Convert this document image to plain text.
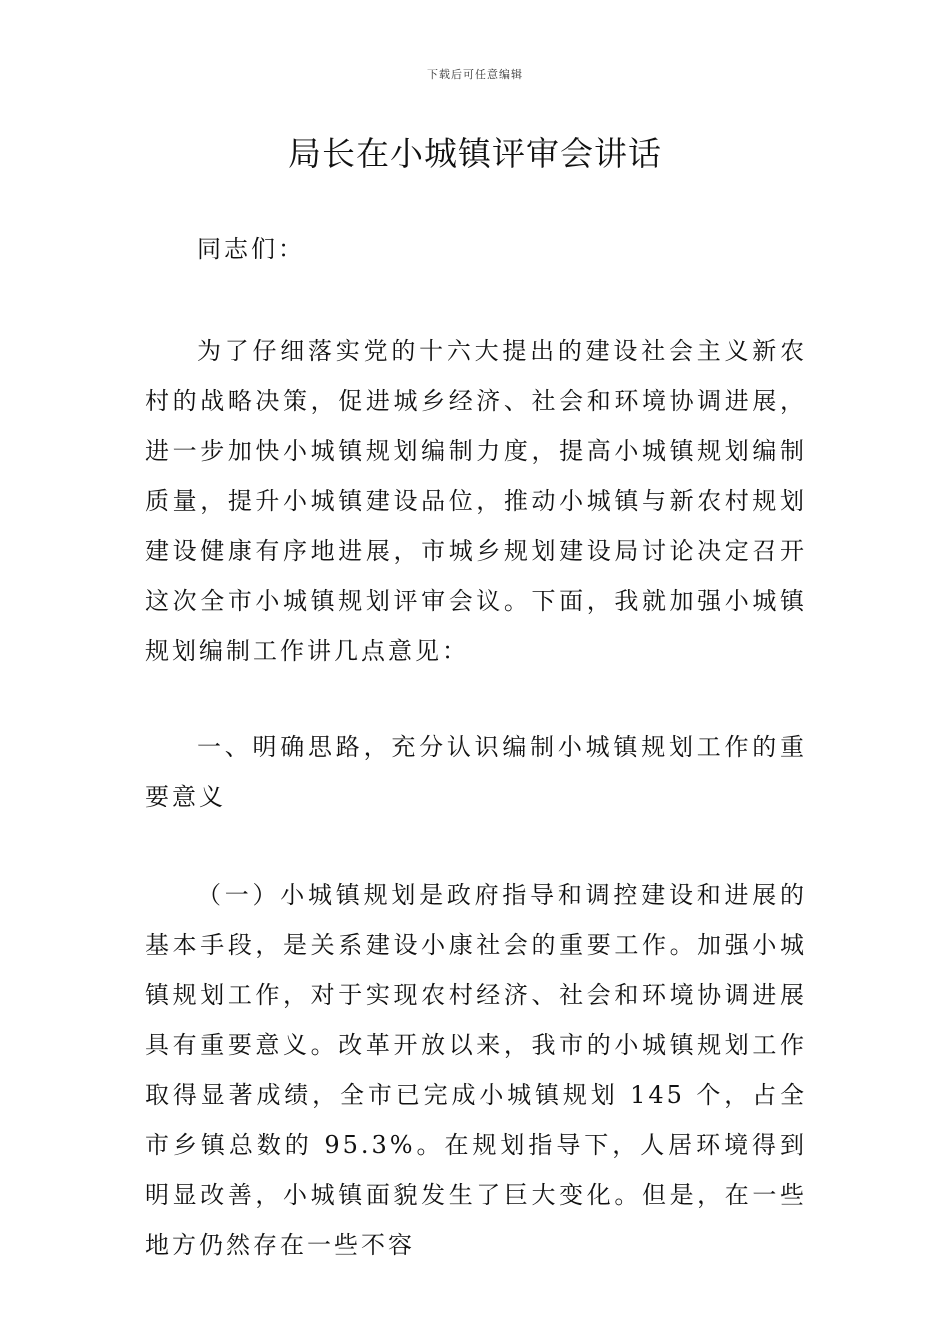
下载后可任意编辑
局长在小城镇评审会讲话

同志们：

为了仔细落实党的十六大提出的建设社会主义新农村的战略决策，促进城乡经济、社会和环境协调进展，进一步加快小城镇规划编制力度，提高小城镇规划编制质量，提升小城镇建设品位，推动小城镇与新农村规划建设健康有序地进展，市城乡规划建设局讨论决定召开这次全市小城镇规划评审会议。下面，我就加强小城镇规划编制工作讲几点意见：

一、明确思路，充分认识编制小城镇规划工作的重要意义

（一）小城镇规划是政府指导和调控建设和进展的基本手段，是关系建设小康社会的重要工作。加强小城镇规划工作，对于实现农村经济、社会和环境协调进展具有重要意义。改革开放以来，我市的小城镇规划工作取得显著成绩，全市已完成小城镇规划 145 个，占全市乡镇总数的 95.3%。在规划指导下，人居环境得到明显改善，小城镇面貌发生了巨大变化。但是，在一些地方仍然存在一些不容
